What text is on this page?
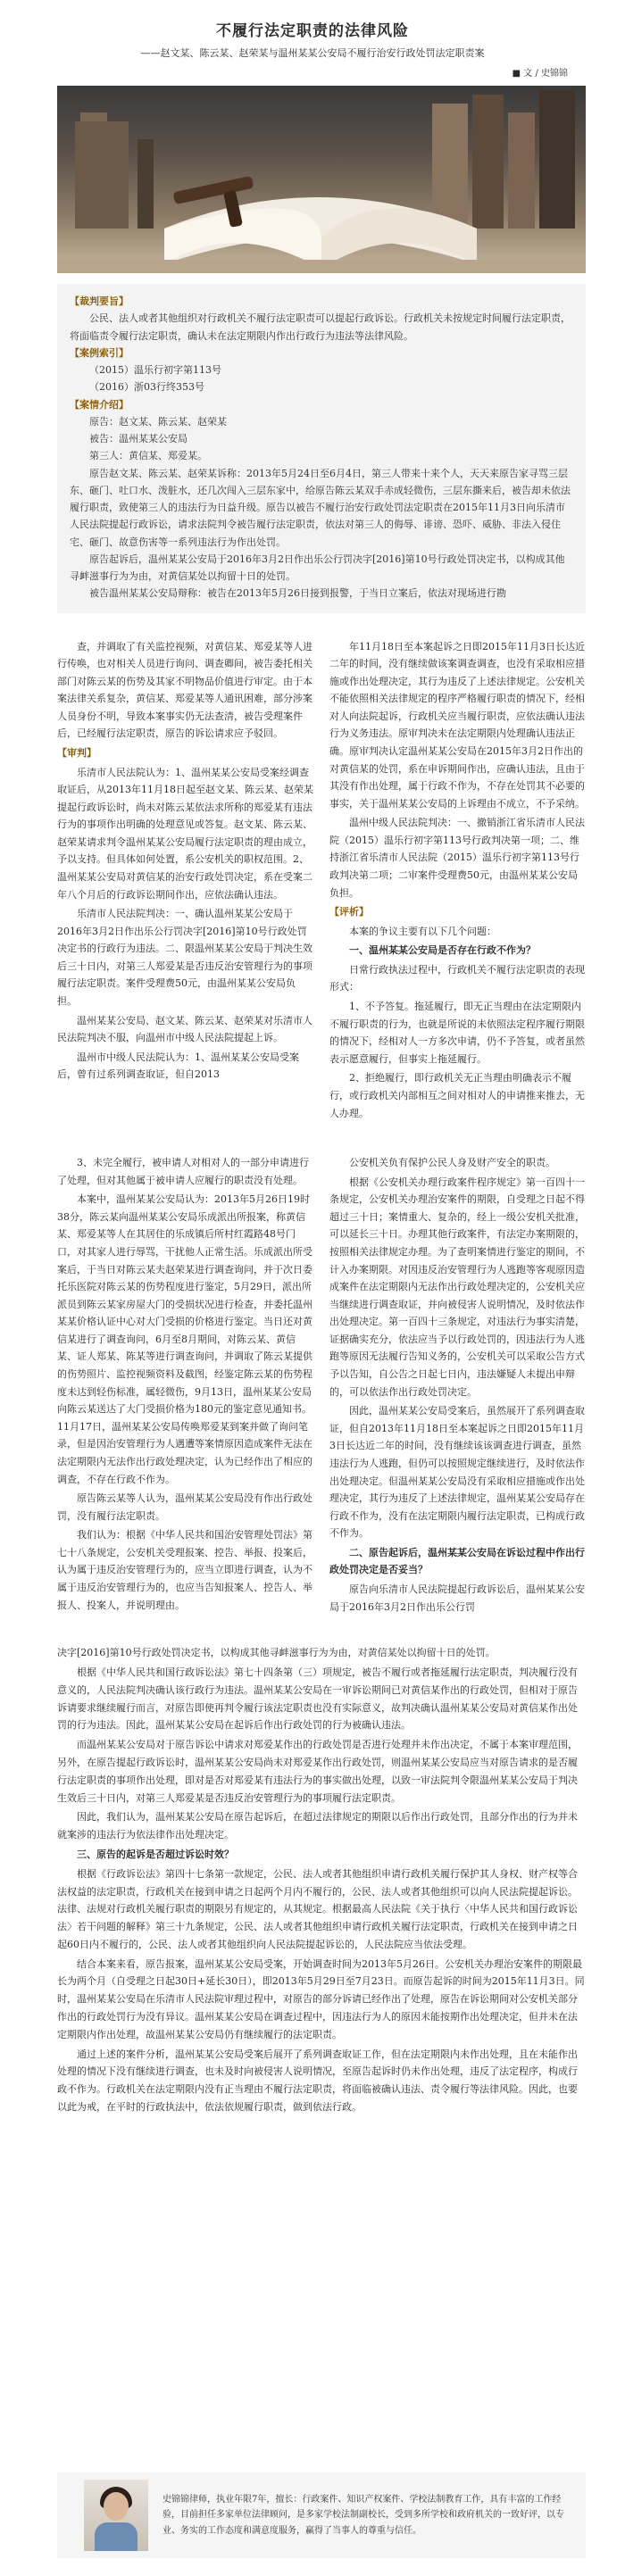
不履行法定职责的法律风险
——赵文某、陈云某、赵荣某与温州某某公安局不履行治安行政处罚法定职责案
■ 文 / 史锦锦

【裁判要旨】

公民、法人或者其他组织对行政机关不履行法定职责可以提起行政诉讼。行政机关未按规定时间履行法定职责，将面临责令履行法定职责，确认未在法定期限内作出行政行为违法等法律风险。

【案例索引】

（2015）温乐行初字第113号

（2016）浙03行终353号

【案情介绍】

原告：赵文某、陈云某、赵荣某

被告：温州某某公安局

第三人：黄信某、郑爱某。

原告赵文某、陈云某、赵荣某诉称：2013年5月24日至6月4日，第三人带来十来个人，天天来原告家寻骂三层东、砸门、吐口水、泼脏水，还几次闯入三层东家中，给原告陈云某双手赤成轻微伤，三层东撕来后，被告却未依法履行职责，致使第三人的违法行为日益升级。原告以被告不履行治安行政处罚法定职责在2015年11月3日向乐清市人民法院提起行政诉讼，请求法院判令被告履行法定职责，依法对第三人的侮辱、诽谤、恐吓、威胁、非法入侵住宅、砸门、故意伤害等一系列违法行为作出处罚。

原告起诉后，温州某某公安局于2016年3月2日作出乐公行罚决字[2016]第10号行政处罚决定书，以构成其他寻衅滋事行为为由，对黄信某处以拘留十日的处罚。

被告温州某某公安局辩称：被告在2013年5月26日接到报警，于当日立案后，依法对现场进行勘

查，并调取了有关监控视频，对黄信某、郑爱某等人进行传唤，也对相关人员进行询问、调查卿间，被告委托相关部门对陈云某的伤势及其家不明物品价值进行审定。由于本案法律关系复杂，黄信某、郑爱某等人通讯困难，部分涉案人员身份不明，导致本案事实仍无法查清，被告受理案件后，已经履行法定职责，原告的诉讼请求应予驳回。

【审判】

乐清市人民法院认为：1、温州某某公安局受案经调查取证后，从2013年11月18日起至赵文某、陈云某、赵荣某提起行政诉讼时，尚未对陈云某依法求所称的郑爱某有违法行为的事项作出明确的处理意见或答复。赵文某、陈云某、赵荣某请求判令温州某某公安局履行法定职责的理由成立，予以支持。但具体如何处置，系公安机关的职权范围。2、温州某某公安局对黄信某的治安行政处罚决定，系在受案二年八个月后的行政诉讼期间作出，应依法确认违法。

乐清市人民法院判决：一、确认温州某某公安局于2016年3月2日作出乐公行罚决字[2016]第10号行政处罚决定书的行政行为违法。二、限温州某某公安局于判决生效后三十日内，对第三人郑爱某是否违反治安管理行为的事项履行法定职责。案件受理费50元，由温州某某公安局负担。

温州某某公安局、赵文某、陈云某、赵荣某对乐清市人民法院判决不服，向温州市中级人民法院提起上诉。

温州市中级人民法院认为：1、温州某某公安局受案后，曾有过系列调查取证，但自2013

年11月18日至本案起诉之日即2015年11月3日长达近二年的时间，没有继续做该案调查调查，也没有采取相应措施或作出处理决定，其行为违反了上述法律规定。公安机关不能依照相关法律规定的程序严格履行职责的情况下，经相对人向法院起诉，行政机关应当履行职责，应依法确认违法行为义务违法。原审判决未在法定期限内处理确认违法正确。原审判决认定温州某某公安局在2015年3月2日作出的对黄信某的处罚，系在申诉期间作出，应确认违法，且由于其没有作出处理，属于行政不作为，不存在处罚其不必要的事实，关于温州某某公安局的上诉理由不成立，不予采纳。

温州中级人民法院判决：一、撤销浙江省乐清市人民法院（2015）温乐行初字第113号行政判决第一项；二、维持浙江省乐清市人民法院（2015）温乐行初字第113号行政判决第二项；二审案件受理费50元，由温州某某公安局负担。

【评析】

本案的争议主要有以下几个问题：

一、温州某某公安局是否存在行政不作为？

日常行政执法过程中，行政机关不履行法定职责的表现形式：

1、不予答复。拖延履行，即无正当理由在法定期限内不履行职责的行为，也就是所说的未依照法定程序履行期限的情况下，经相对人一方多次申请，仍不予答复，或者虽然表示愿意履行，但事实上拖延履行。

2、拒绝履行，即行政机关无正当理由明确表示不履行，或行政机关内部相互之间对相对人的申请推来推去，无人办理。

3、未完全履行，被申请人对相对人的一部分申请进行了处理，但对其他属于被申请人应履行的职责没有处理。

本案中，温州某某公安局认为：2013年5月26日19时38分，陈云某向温州某某公安局乐成派出所报案，称黄信某、郑爱某等人在其居住的乐成镇后所村红霞路48号门口，对其家人进行辱骂，干扰他人正常生活。乐成派出所受案后，于当日对陈云某夫赵荣某进行调查询问，并于次日委托乐医院对陈云某的伤势程度进行鉴定，5月29日，派出所派员到陈云某家房屋大门的受损状况进行检查，并委托温州某某价格认证中心对大门受损的价格进行鉴定。当日还对黄信某进行了调查询问，6月至8月期间，对陈云某、黄信某、证人郑某、陈某等进行调查询问，并调取了陈云某提供的伤势照片、监控视频资料及截图，经鉴定陈云某的伤势程度未达到轻伤标准，属轻微伤，9月13日，温州某某公安局向陈云某送达了大门受损价格为180元的鉴定意见通知书。11月17日，温州某某公安局传唤郑爱某到案并做了询问笔录，但是因治安管理行为人遇遭等案情原因造成案件无法在法定期限内无法作出行政处理决定，认为已经作出了相应的调查，不存在行政不作为。

原告陈云某等人认为，温州某某公安局没有作出行政处罚，没有履行法定职责。

我们认为：根据《中华人民共和国治安管理处罚法》第七十八条规定，公安机关受理报案、控告、举报、投案后，认为属于违反治安管理行为的，应当立即进行调查，认为不属于违反治安管理行为的，也应当告知报案人、控告人、举报人、投案人，并说明理由。

公安机关负有保护公民人身及财产安全的职责。

根据《公安机关办理行政案件程序规定》第一百四十一条规定，公安机关办理治安案件的期限，自受理之日起不得超过三十日；案情重大、复杂的，经上一级公安机关批准，可以延长三十日。办理其他行政案件，有法定办案期限的，按照相关法律规定办理。为了查明案情进行鉴定的期间，不计入办案期限。对因违反治安管理行为人逃跑等客观原因造成案件在法定期限内无法作出行政处理决定的，公安机关应当继续进行调查取证，并向被侵害人说明情况，及时依法作出处理决定。第一百四十三条规定，对违法行为事实清楚，证据确实充分，依法应当予以行政处罚的，因违法行为人逃跑等原因无法履行告知义务的，公安机关可以采取公告方式予以告知，自公告之日起七日内，违法嫌疑人未提出申辩的，可以依法作出行政处罚决定。

因此，温州某某公安局受案后，虽然展开了系列调查取证，但自2013年11月18日至本案起诉之日即2015年11月3日长达近二年的时间，没有继续该该调查进行调查，虽然违法行为人逃跑，但仍可以按照规定继续进行，及时依法作出处理决定。但温州某某公安局没有采取相应措施或作出处理决定，其行为违反了上述法律规定，温州某某公安局存在行政不作为，没有在法定期限内履行法定职责，已构成行政不作为。

二、原告起诉后，温州某某公安局在诉讼过程中作出行政处罚决定是否妥当？

原告向乐清市人民法院提起行政诉讼后，温州某某公安局于2016年3月2日作出乐公行罚

决字[2016]第10号行政处罚决定书，以构成其他寻衅滋事行为为由，对黄信某处以拘留十日的处罚。

根据《中华人民共和国行政诉讼法》第七十四条第（三）项规定，被告不履行或者拖延履行法定职责，判决履行没有意义的，人民法院判决确认该行政行为违法。温州某某公安局在一审诉讼期间已对黄信某作出的行政处罚，但相对于原告诉请要求继续履行而言，对原告即使再判令履行该法定职责也没有实际意义，故判决确认温州某某公安局对黄信某作出处罚的行为违法。因此，温州某某公安局在起诉后作出行政处罚的行为被确认违法。

而温州某某公安局对于原告诉讼中请求对郑爱某作出的行政处罚是否进行处理并未作出决定，不属于本案审理范围，另外，在原告提起行政诉讼时，温州某某公安局尚未对郑爱某作出行政处罚，则温州某某公安局应当对原告请求的是否履行法定职责的事项作出处理，即对是否对郑爱某有违法行为的事实做出处理，以致一审法院判令限温州某某公安局于判决生效后三十日内，对第三人郑爱某是否违反治安管理行为的事项履行法定职责。

因此，我们认为，温州某某公安局在原告起诉后，在超过法律规定的期限以后作出行政处罚，且部分作出的行为并未就案涉的违法行为依法律作出处理决定。

三、原告的起诉是否超过诉讼时效？

根据《行政诉讼法》第四十七条第一款规定，公民、法人或者其他组织申请行政机关履行保护其人身权、财产权等合法权益的法定职责，行政机关在接到申请之日起两个月内不履行的，公民、法人或者其他组织可以向人民法院提起诉讼。法律、法规对行政机关履行职责的期限另有规定的，从其规定。根据最高人民法院《关于执行〈中华人民共和国行政诉讼法〉若干问题的解释》第三十九条规定，公民、法人或者其他组织申请行政机关履行法定职责，行政机关在接到申请之日起60日内不履行的，公民、法人或者其他组织向人民法院提起诉讼的，人民法院应当依法受理。

结合本案来看，原告报案，温州某某公安局受案，开始调查时间为2013年5月26日。公安机关办理治安案件的期限最长为两个月（自受理之日起30日+延长30日），即2013年5月29日至7月23日。而原告起诉的时间为2015年11月3日。同时，温州某某公安局在乐清市人民法院审理过程中，对原告的部分诉请已经作出了处理，原告在诉讼期间对公安机关部分作出的行政处罚行为没有异议。温州某某公安局在调查过程中，因违法行为人的原因未能按期作出处理决定，但并未在法定期限内作出处理，故温州某某公安局仍有继续履行的法定职责。

通过上述的案件分析，温州某某公安局受案后展开了系列调查取证工作，但在法定期限内未作出处理，且在未能作出处理的情况下没有继续进行调查，也未及时向被侵害人说明情况，至原告起诉时仍未作出处理，违反了法定程序，构成行政不作为。行政机关在法定期限内没有正当理由不履行法定职责，将面临被确认违法、责令履行等法律风险。因此，也要以此为戒，在平时的行政执法中，依法依规履行职责，做到依法行政。

史锦锦律师，执业年限7年，擅长：行政案件、知识产权案件、学校法制教育工作，具有丰富的工作经验，目前担任多家单位法律顾问，是多家学校法制副校长，受到多所学校和政府机关的一致好评，以专业、务实的工作态度和满意度服务，赢得了当事人的尊重与信任。
